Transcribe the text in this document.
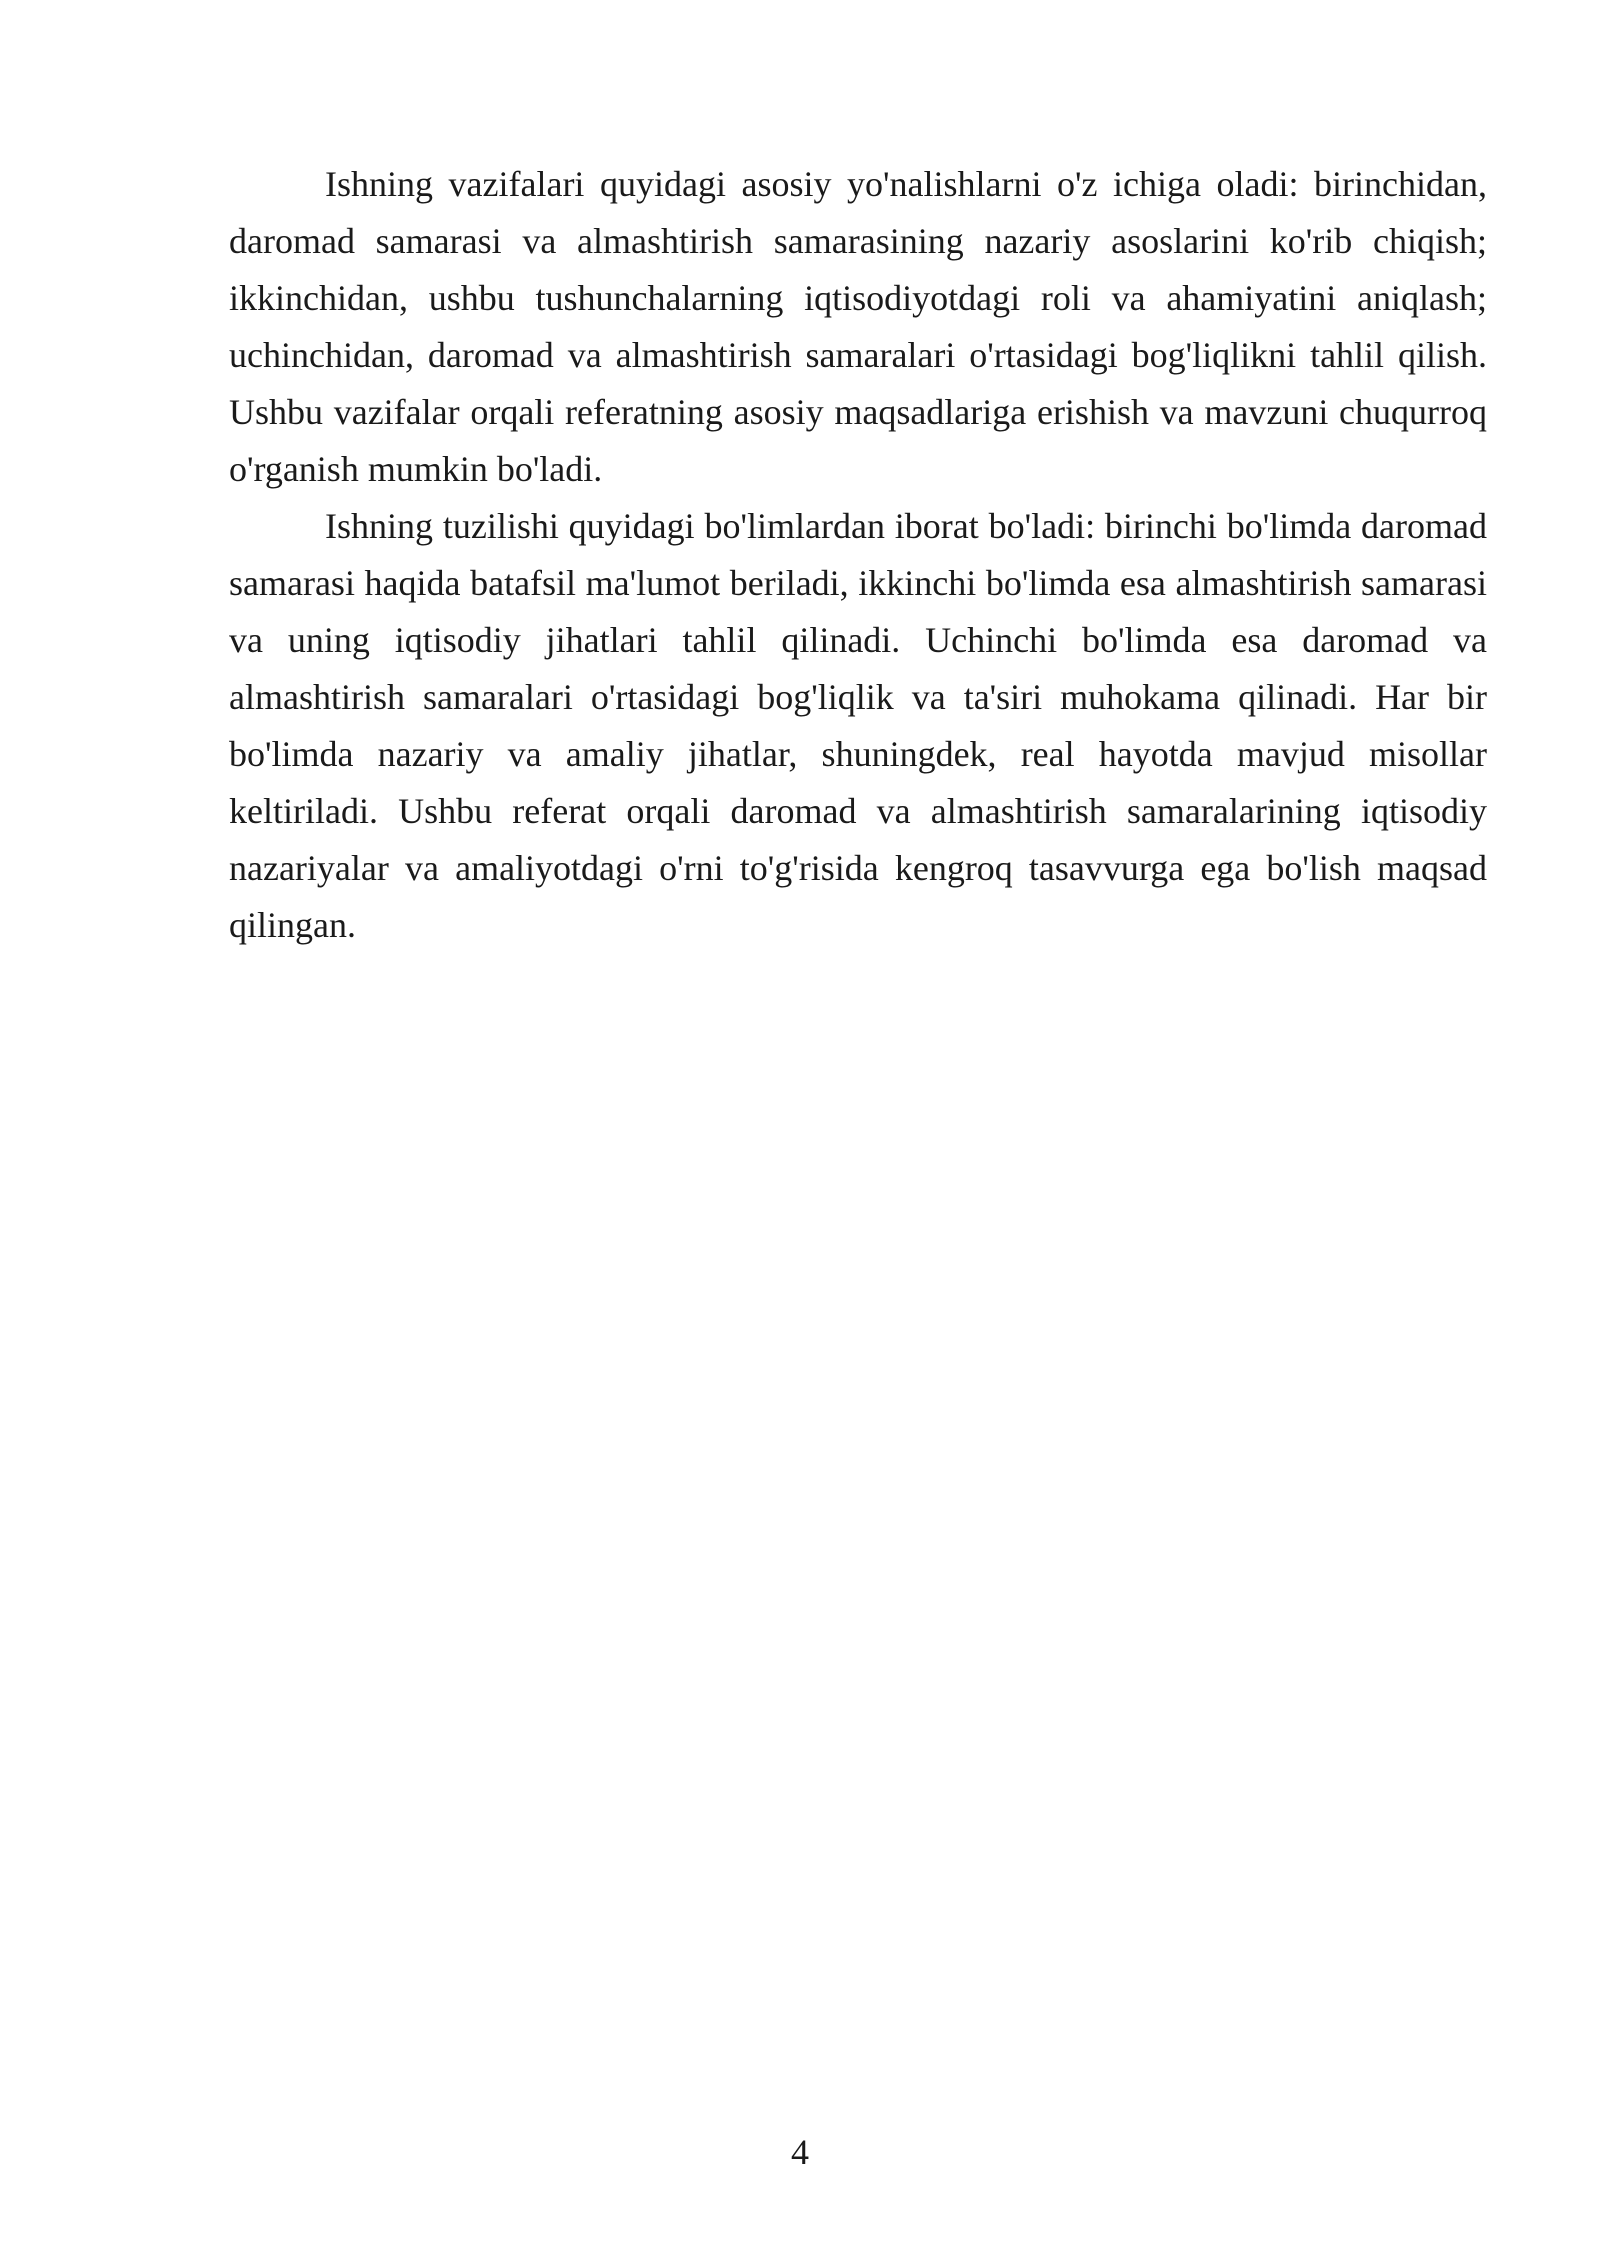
Ishning vazifalari quyidagi asosiy yo'nalishlarni o'z ichiga oladi: birinchidan, daromad samarasi va almashtirish samarasining nazariy asoslarini ko'rib chiqish; ikkinchidan, ushbu tushunchalarning iqtisodiyotdagi roli va ahamiyatini aniqlash; uchinchidan, daromad va almashtirish samaralari o'rtasidagi bog'liqlikni tahlil qilish. Ushbu vazifalar orqali referatning asosiy maqsadlariga erishish va mavzuni chuqurroq o'rganish mumkin bo'ladi.

Ishning tuzilishi quyidagi bo'limlardan iborat bo'ladi: birinchi bo'limda daromad samarasi haqida batafsil ma'lumot beriladi, ikkinchi bo'limda esa almashtirish samarasi va uning iqtisodiy jihatlari tahlil qilinadi. Uchinchi bo'limda esa daromad va almashtirish samaralari o'rtasidagi bog'liqlik va ta'siri muhokama qilinadi. Har bir bo'limda nazariy va amaliy jihatlar, shuningdek, real hayotda mavjud misollar keltiriladi. Ushbu referat orqali daromad va almashtirish samaralarining iqtisodiy nazariyalar va amaliyotdagi o'rni to'g'risida kengroq tasavvurga ega bo'lish maqsad qilingan.

4
